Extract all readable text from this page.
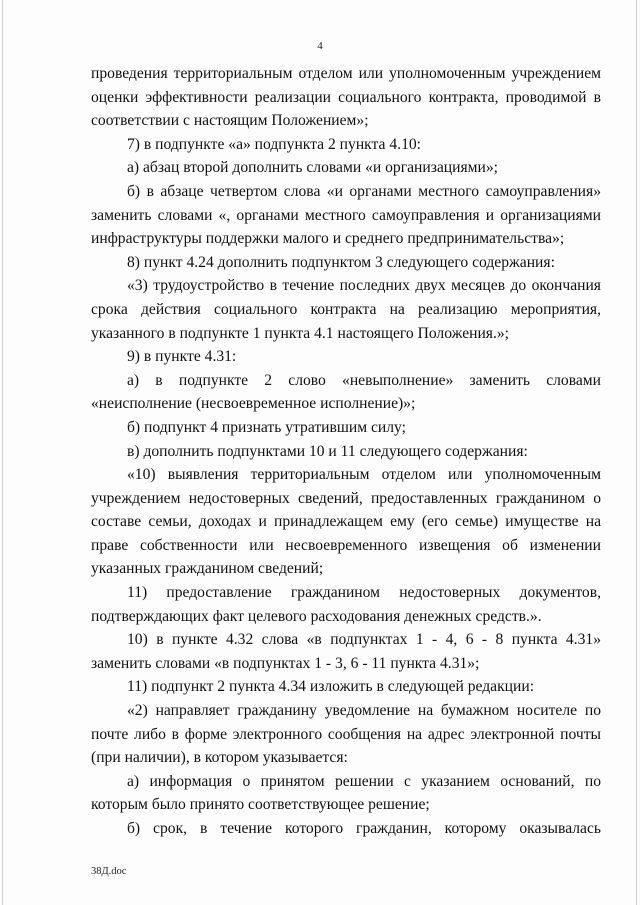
4

проведения территориальным отделом или уполномоченным учреждением оценки эффективности реализации социального контракта, проводимой в соответствии с настоящим Положением»;

7) в подпункте «а» подпункта 2 пункта 4.10:

а) абзац второй дополнить словами «и организациями»;

б) в абзаце четвертом слова «и органами местного самоуправления» заменить словами «, органами местного самоуправления и организациями инфраструктуры поддержки малого и среднего предпринимательства»;

8) пункт 4.24 дополнить подпунктом 3 следующего содержания:

«3) трудоустройство в течение последних двух месяцев до окончания срока действия социального контракта на реализацию мероприятия, указанного в подпункте 1 пункта 4.1 настоящего Положения.»;

9) в пункте 4.31:

а) в подпункте 2 слово «невыполнение» заменить словами «неисполнение (несвоевременное исполнение)»;

б) подпункт 4 признать утратившим силу;

в) дополнить подпунктами 10 и 11 следующего содержания:

«10) выявления территориальным отделом или уполномоченным учреждением недостоверных сведений, предоставленных гражданином о составе семьи, доходах и принадлежащем ему (его семье) имуществе на праве собственности или несвоевременного извещения об изменении указанных гражданином сведений;

11) предоставление гражданином недостоверных документов, подтверждающих факт целевого расходования денежных средств.».

10) в пункте 4.32 слова «в подпунктах 1 - 4, 6 - 8 пункта 4.31» заменить словами «в подпунктах 1 - 3, 6 - 11 пункта 4.31»;

11) подпункт 2 пункта 4.34 изложить в следующей редакции:

«2) направляет гражданину уведомление на бумажном носителе по почте либо в форме электронного сообщения на адрес электронной почты (при наличии), в котором указывается:

а) информация о принятом решении с указанием оснований, по которым было принято соответствующее решение;

б) срок, в течение которого гражданин, которому оказывалась

38Д.doc
